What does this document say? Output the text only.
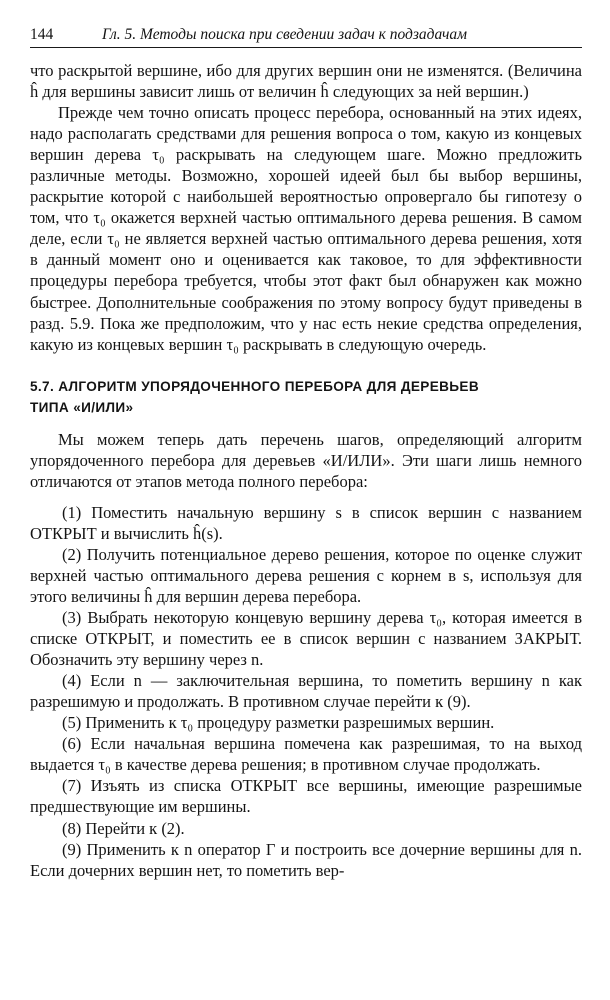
144	Гл. 5. Методы поиска при сведении задач к подзадачам

что раскрытой вершине, ибо для других вершин они не изменятся. (Величина ĥ для вершины зависит лишь от величин ĥ следующих за ней вершин.)

Прежде чем точно описать процесс перебора, основанный на этих идеях, надо располагать средствами для решения вопроса о том, какую из концевых вершин дерева τ₀ раскрывать на следующем шаге. Можно предложить различные методы. Возможно, хорошей идеей был бы выбор вершины, раскрытие которой с наибольшей вероятностью опровергало бы гипотезу о том, что τ₀ окажется верхней частью оптимального дерева решения. В самом деле, если τ₀ не является верхней частью оптимального дерева решения, хотя в данный момент оно и оценивается как таковое, то для эффективности процедуры перебора требуется, чтобы этот факт был обнаружен как можно быстрее. Дополнительные соображения по этому вопросу будут приведены в разд. 5.9. Пока же предположим, что у нас есть некие средства определения, какую из концевых вершин τ₀ раскрывать в следующую очередь.

5.7. АЛГОРИТМ УПОРЯДОЧЕННОГО ПЕРЕБОРА ДЛЯ ДЕРЕВЬЕВ
ТИПА «И/ИЛИ»

Мы можем теперь дать перечень шагов, определяющий алгоритм упорядоченного перебора для деревьев «И/ИЛИ». Эти шаги лишь немного отличаются от этапов метода полного перебора:

(1) Поместить начальную вершину s в список вершин с названием ОТКРЫТ и вычислить ĥ(s).

(2) Получить потенциальное дерево решения, которое по оценке служит верхней частью оптимального дерева решения с корнем в s, используя для этого величины ĥ для вершин дерева перебора.

(3) Выбрать некоторую концевую вершину дерева τ₀, которая имеется в списке ОТКРЫТ, и поместить ее в список вершин с названием ЗАКРЫТ. Обозначить эту вершину через n.

(4) Если n — заключительная вершина, то пометить вершину n как разрешимую и продолжать. В противном случае перейти к (9).

(5) Применить к τ₀ процедуру разметки разрешимых вершин.

(6) Если начальная вершина помечена как разрешимая, то на выход выдается τ₀ в качестве дерева решения; в противном случае продолжать.

(7) Изъять из списка ОТКРЫТ все вершины, имеющие разрешимые предшествующие им вершины.

(8) Перейти к (2).

(9) Применить к n оператор Γ и построить все дочерние вершины для n. Если дочерних вершин нет, то пометить вер-
